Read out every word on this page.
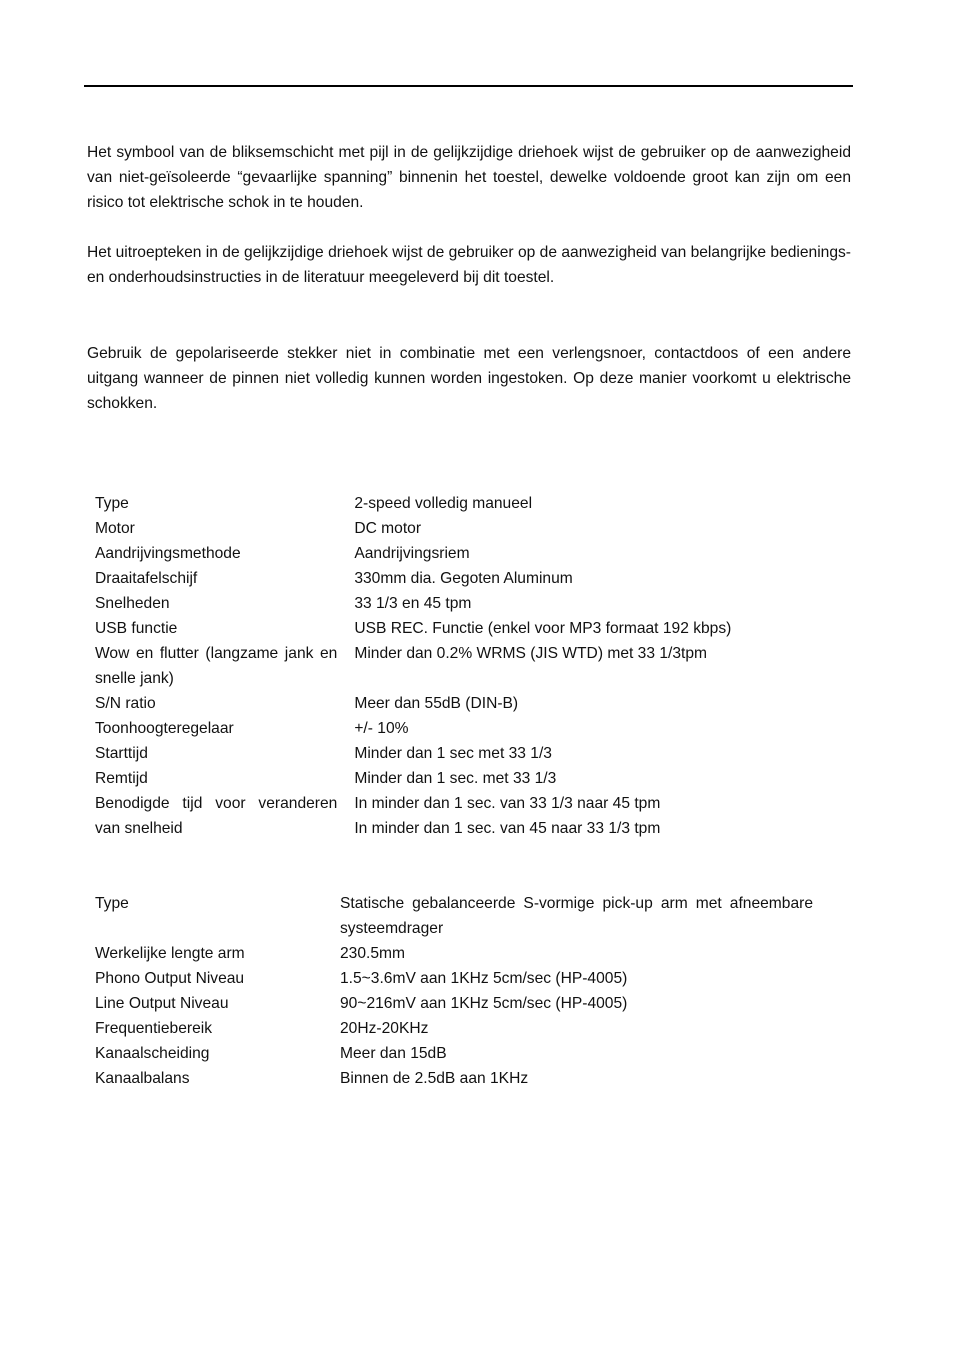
Het symbool van de bliksemschicht met pijl in de gelijkzijdige driehoek wijst de gebruiker op de aanwezigheid van niet-geïsoleerde “gevaarlijke spanning” binnenin het toestel, dewelke voldoende groot kan zijn om een risico tot elektrische schok in te houden.

Het uitroepteken in de gelijkzijdige driehoek wijst de gebruiker op de aanwezigheid van belangrijke bedienings- en onderhoudsinstructies in de literatuur meegeleverd bij dit toestel.

Gebruik de gepolariseerde stekker niet in combinatie met een verlengsnoer, contactdoos of een andere uitgang wanneer de pinnen niet volledig kunnen worden ingestoken. Op deze manier voorkomt u elektrische schokken.

Type	2-speed volledig manueel
Motor	DC motor
Aandrijvingsmethode	Aandrijvingsriem
Draaitafelschijf	330mm dia. Gegoten Aluminum
Snelheden	33 1/3 en 45 tpm
USB functie	USB REC. Functie (enkel voor MP3 formaat 192 kbps)
Wow en flutter (langzame jank en snelle jank)	Minder dan 0.2% WRMS (JIS WTD) met 33 1/3tpm
S/N ratio	Meer dan 55dB (DIN-B)
Toonhoogteregelaar	+/- 10%
Starttijd	Minder dan 1 sec met 33 1/3
Remtijd	Minder dan 1 sec. met 33 1/3
Benodigde tijd voor veranderen van snelheid	In minder dan 1 sec. van 33 1/3 naar 45 tpm
In minder dan 1 sec. van 45 naar 33 1/3 tpm
Type	Statische gebalanceerde S-vormige pick-up arm met afneembare systeemdrager
Werkelijke lengte arm	230.5mm
Phono Output Niveau	1.5~3.6mV aan 1KHz 5cm/sec (HP-4005)
Line Output Niveau	90~216mV aan 1KHz 5cm/sec (HP-4005)
Frequentiebereik	20Hz-20KHz
Kanaalscheiding	Meer dan 15dB
Kanaalbalans	Binnen de 2.5dB aan 1KHz
